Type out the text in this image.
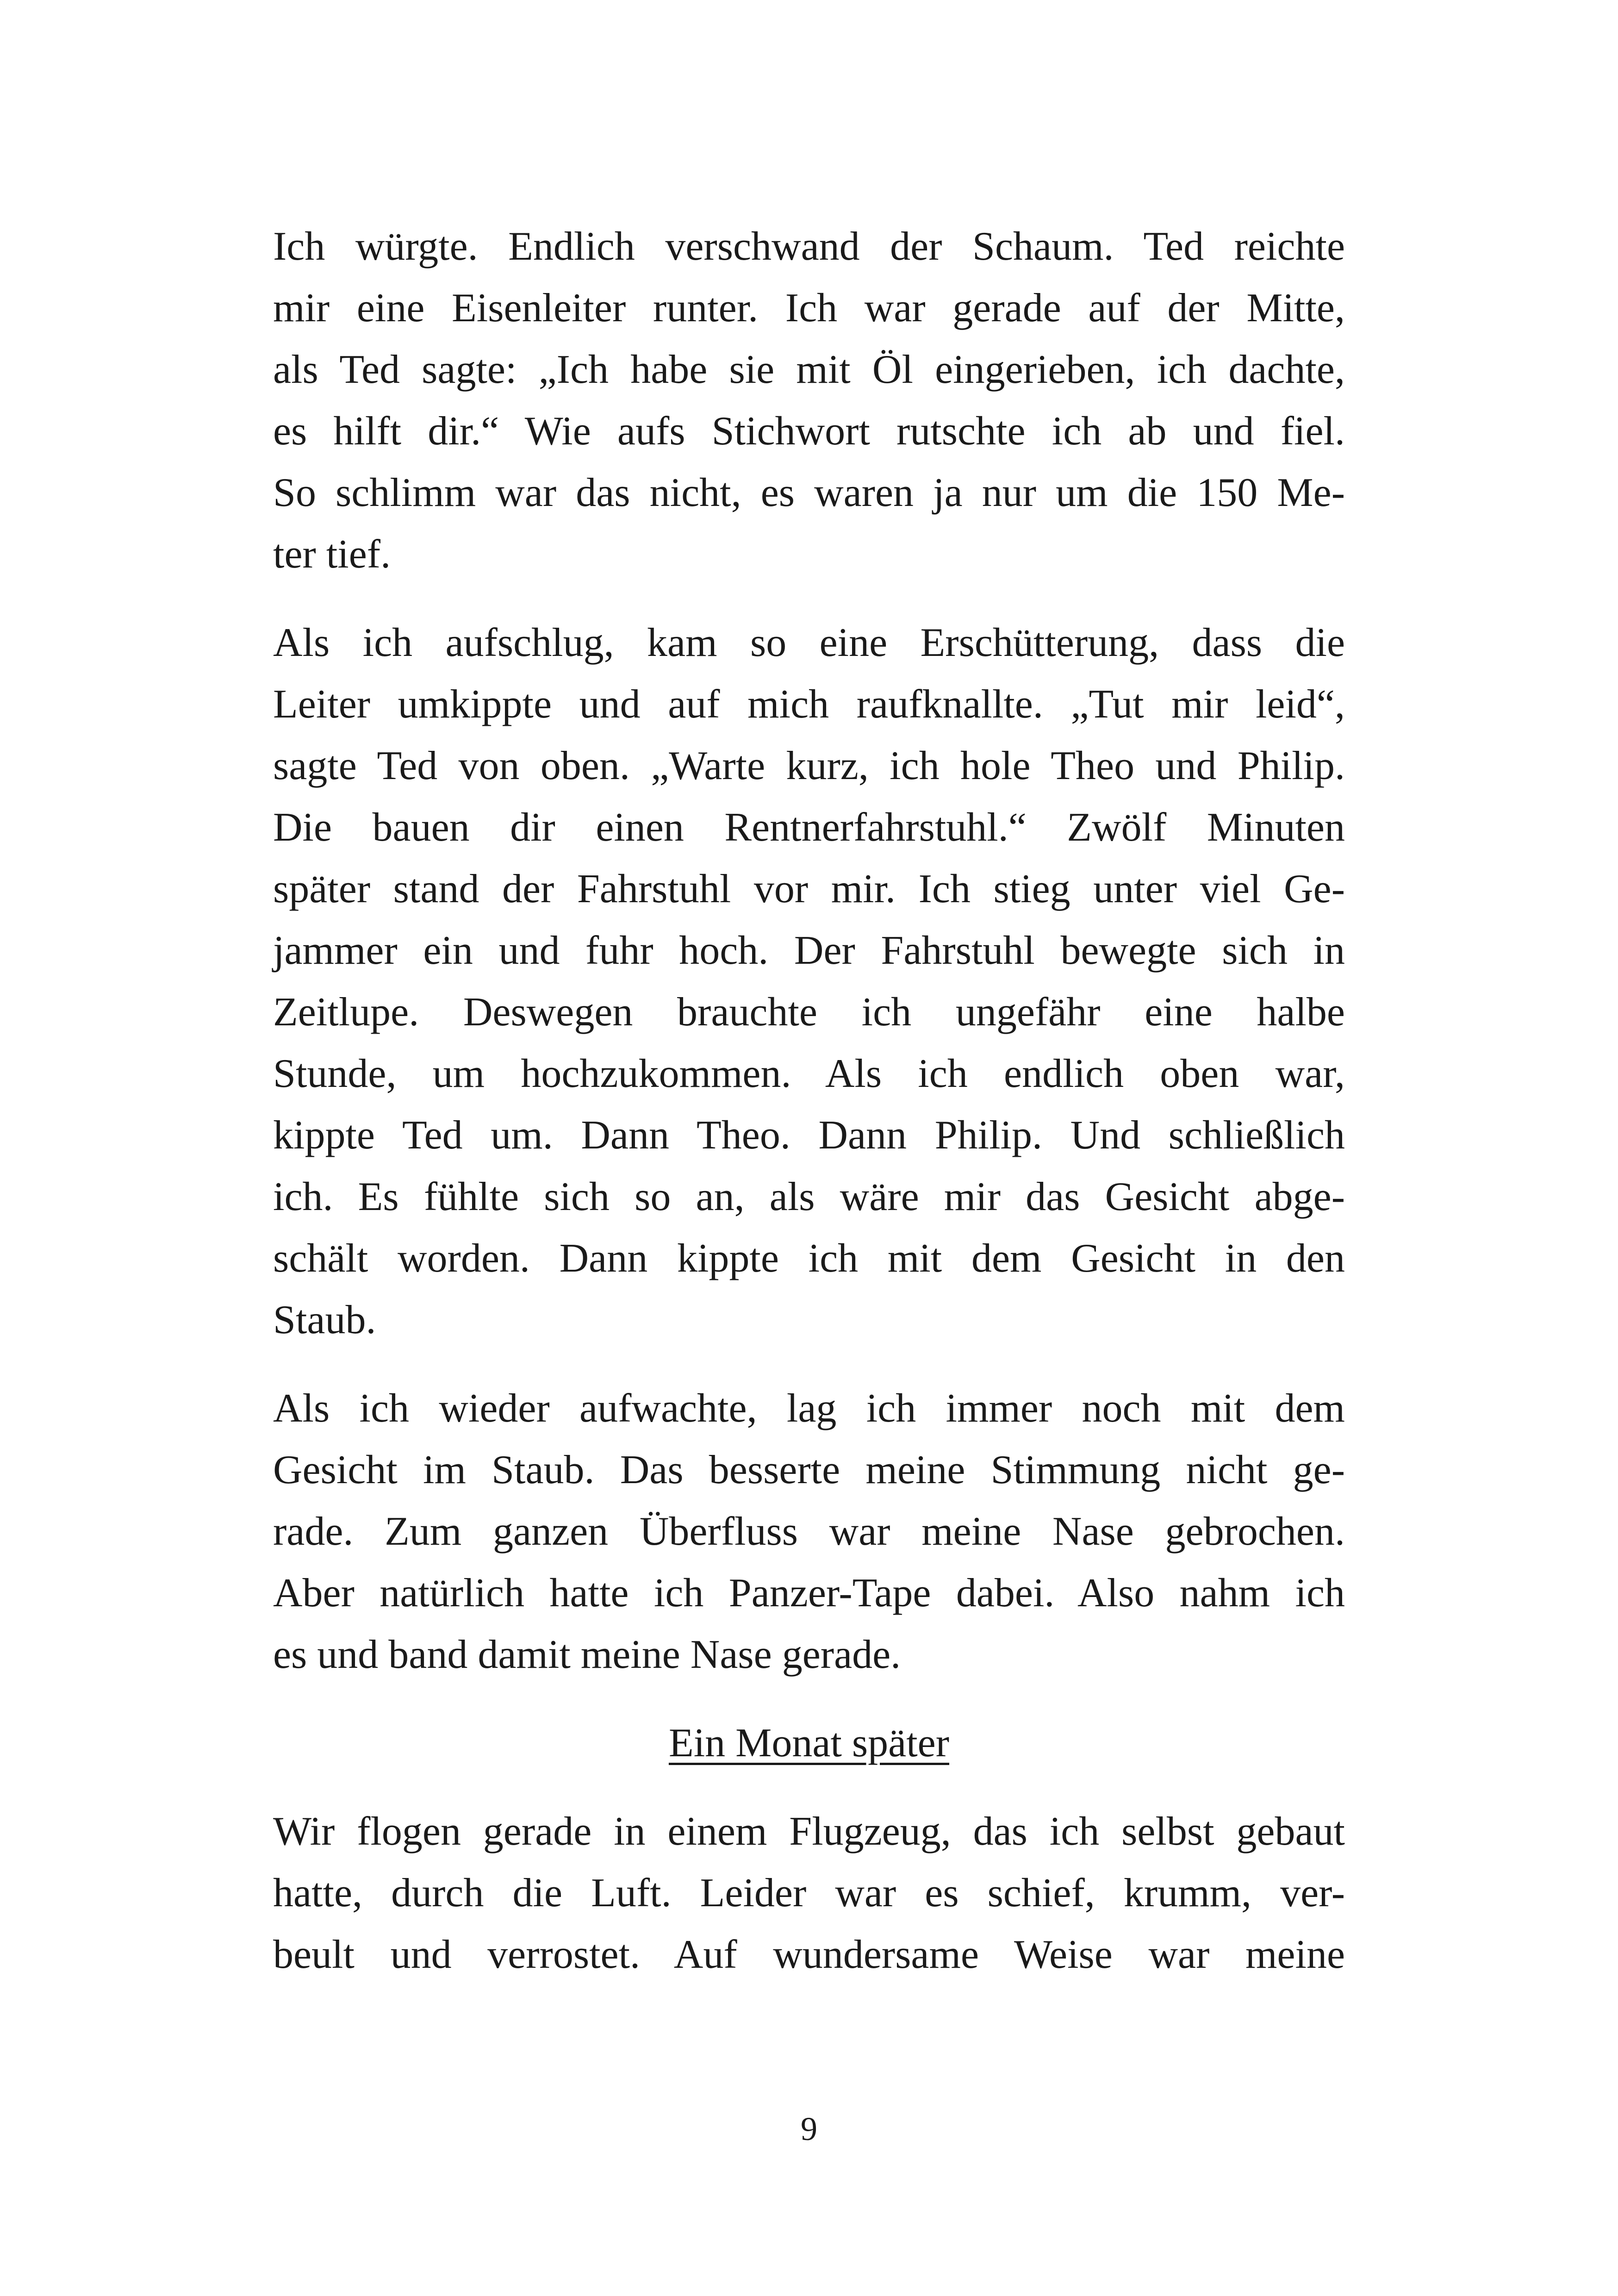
Ich würgte. Endlich verschwand der Schaum. Ted reichte
mir eine Eisenleiter runter. Ich war gerade auf der Mitte,
als Ted sagte: „Ich habe sie mit Öl eingerieben, ich dachte,
es hilft dir.“ Wie aufs Stichwort rutschte ich ab und fiel.
So schlimm war das nicht, es waren ja nur um die 150 Me-
ter tief.

Als ich aufschlug, kam so eine Erschütterung, dass die
Leiter umkippte und auf mich raufknallte. „Tut mir leid“,
sagte Ted von oben. „Warte kurz, ich hole Theo und Philip.
Die bauen dir einen Rentnerfahrstuhl.“ Zwölf Minuten
später stand der Fahrstuhl vor mir. Ich stieg unter viel Ge-
jammer ein und fuhr hoch. Der Fahrstuhl bewegte sich in
Zeitlupe. Deswegen brauchte ich ungefähr eine halbe
Stunde, um hochzukommen. Als ich endlich oben war,
kippte Ted um. Dann Theo. Dann Philip. Und schließlich
ich. Es fühlte sich so an, als wäre mir das Gesicht abge-
schält worden. Dann kippte ich mit dem Gesicht in den
Staub.

Als ich wieder aufwachte, lag ich immer noch mit dem
Gesicht im Staub. Das besserte meine Stimmung nicht ge-
rade. Zum ganzen Überfluss war meine Nase gebrochen.
Aber natürlich hatte ich Panzer-Tape dabei. Also nahm ich
es und band damit meine Nase gerade.

Ein Monat später

Wir flogen gerade in einem Flugzeug, das ich selbst gebaut
hatte, durch die Luft. Leider war es schief, krumm, ver-
beult und verrostet. Auf wundersame Weise war meine

9
